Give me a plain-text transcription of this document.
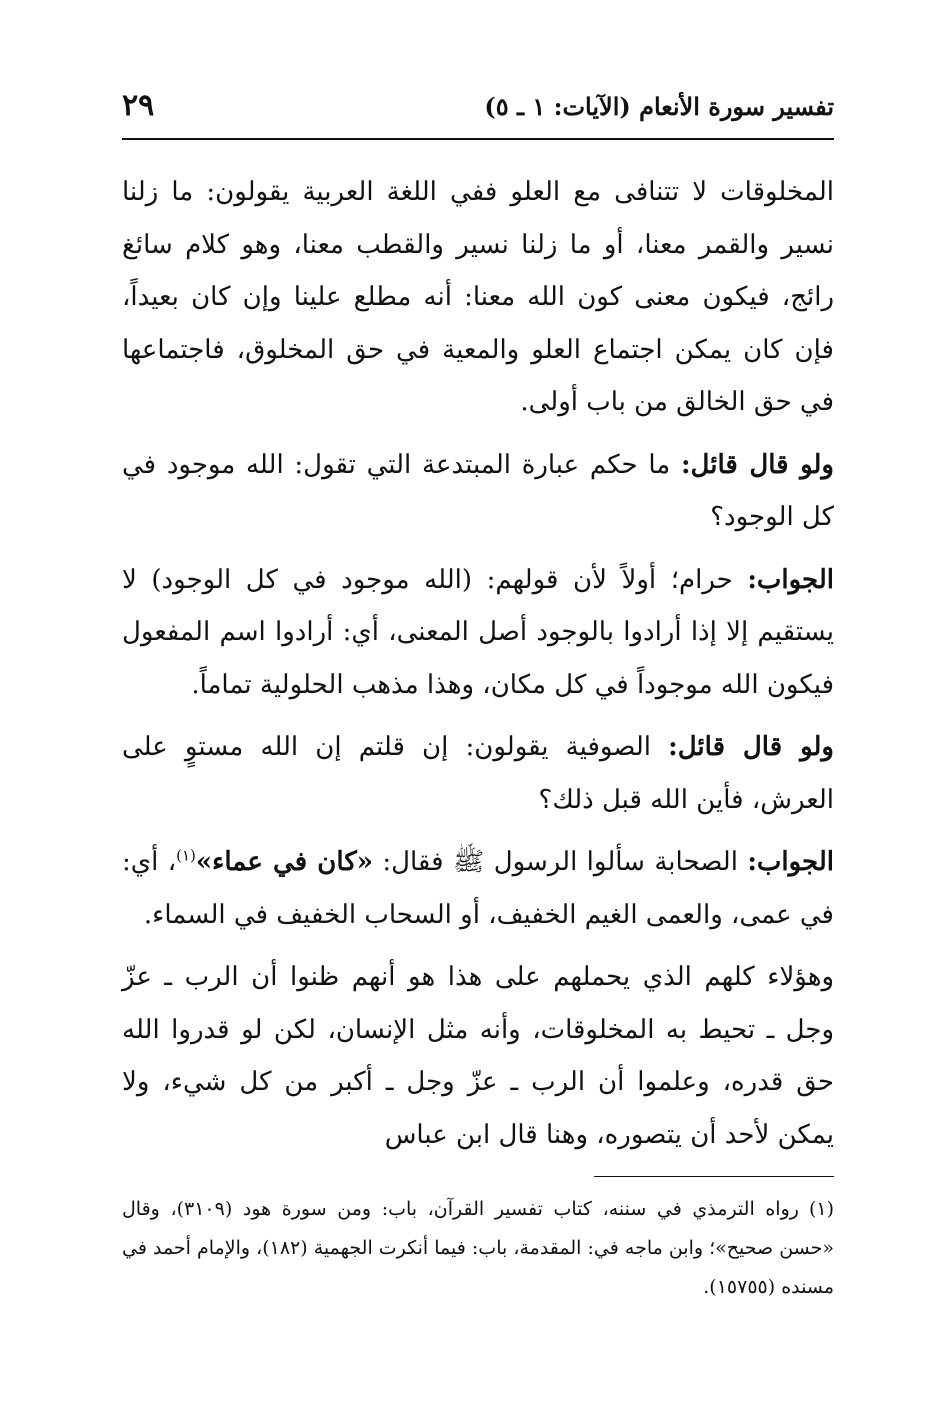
تفسير سورة الأنعام (الآيات: ١ ـ ٥)
٢٩

المخلوقات لا تتنافى مع العلو ففي اللغة العربية يقولون: ما زلنا نسير والقمر معنا، أو ما زلنا نسير والقطب معنا، وهو كلام سائغ رائج، فيكون معنى كون الله معنا: أنه مطلع علينا وإن كان بعيداً، فإن كان يمكن اجتماع العلو والمعية في حق المخلوق، فاجتماعها في حق الخالق من باب أولى.

ولو قال قائل: ما حكم عبارة المبتدعة التي تقول: الله موجود في كل الوجود؟

الجواب: حرام؛ أولاً لأن قولهم: (الله موجود في كل الوجود) لا يستقيم إلا إذا أرادوا بالوجود أصل المعنى، أي: أرادوا اسم المفعول فيكون الله موجوداً في كل مكان، وهذا مذهب الحلولية تماماً.

ولو قال قائل: الصوفية يقولون: إن قلتم إن الله مستوٍ على العرش، فأين الله قبل ذلك؟

الجواب: الصحابة سألوا الرسول ﷺ فقال: «كان في عماء»$^{(١)}$، أي: في عمى، والعمى الغيم الخفيف، أو السحاب الخفيف في السماء.

وهؤلاء كلهم الذي يحملهم على هذا هو أنهم ظنوا أن الرب ـ عزّ وجل ـ تحيط به المخلوقات، وأنه مثل الإنسان، لكن لو قدروا الله حق قدره، وعلموا أن الرب ـ عزّ وجل ـ أكبر من كل شيء، ولا يمكن لأحد أن يتصوره، وهنا قال ابن عباس

(١)رواه الترمذي في سننه، كتاب تفسير القرآن، باب: ومن سورة هود (٣١٠٩)، وقال «حسن صحيح»؛ وابن ماجه في: المقدمة، باب: فيما أنكرت الجهمية (١٨٢)، والإمام أحمد في مسنده (١٥٧٥٥).
